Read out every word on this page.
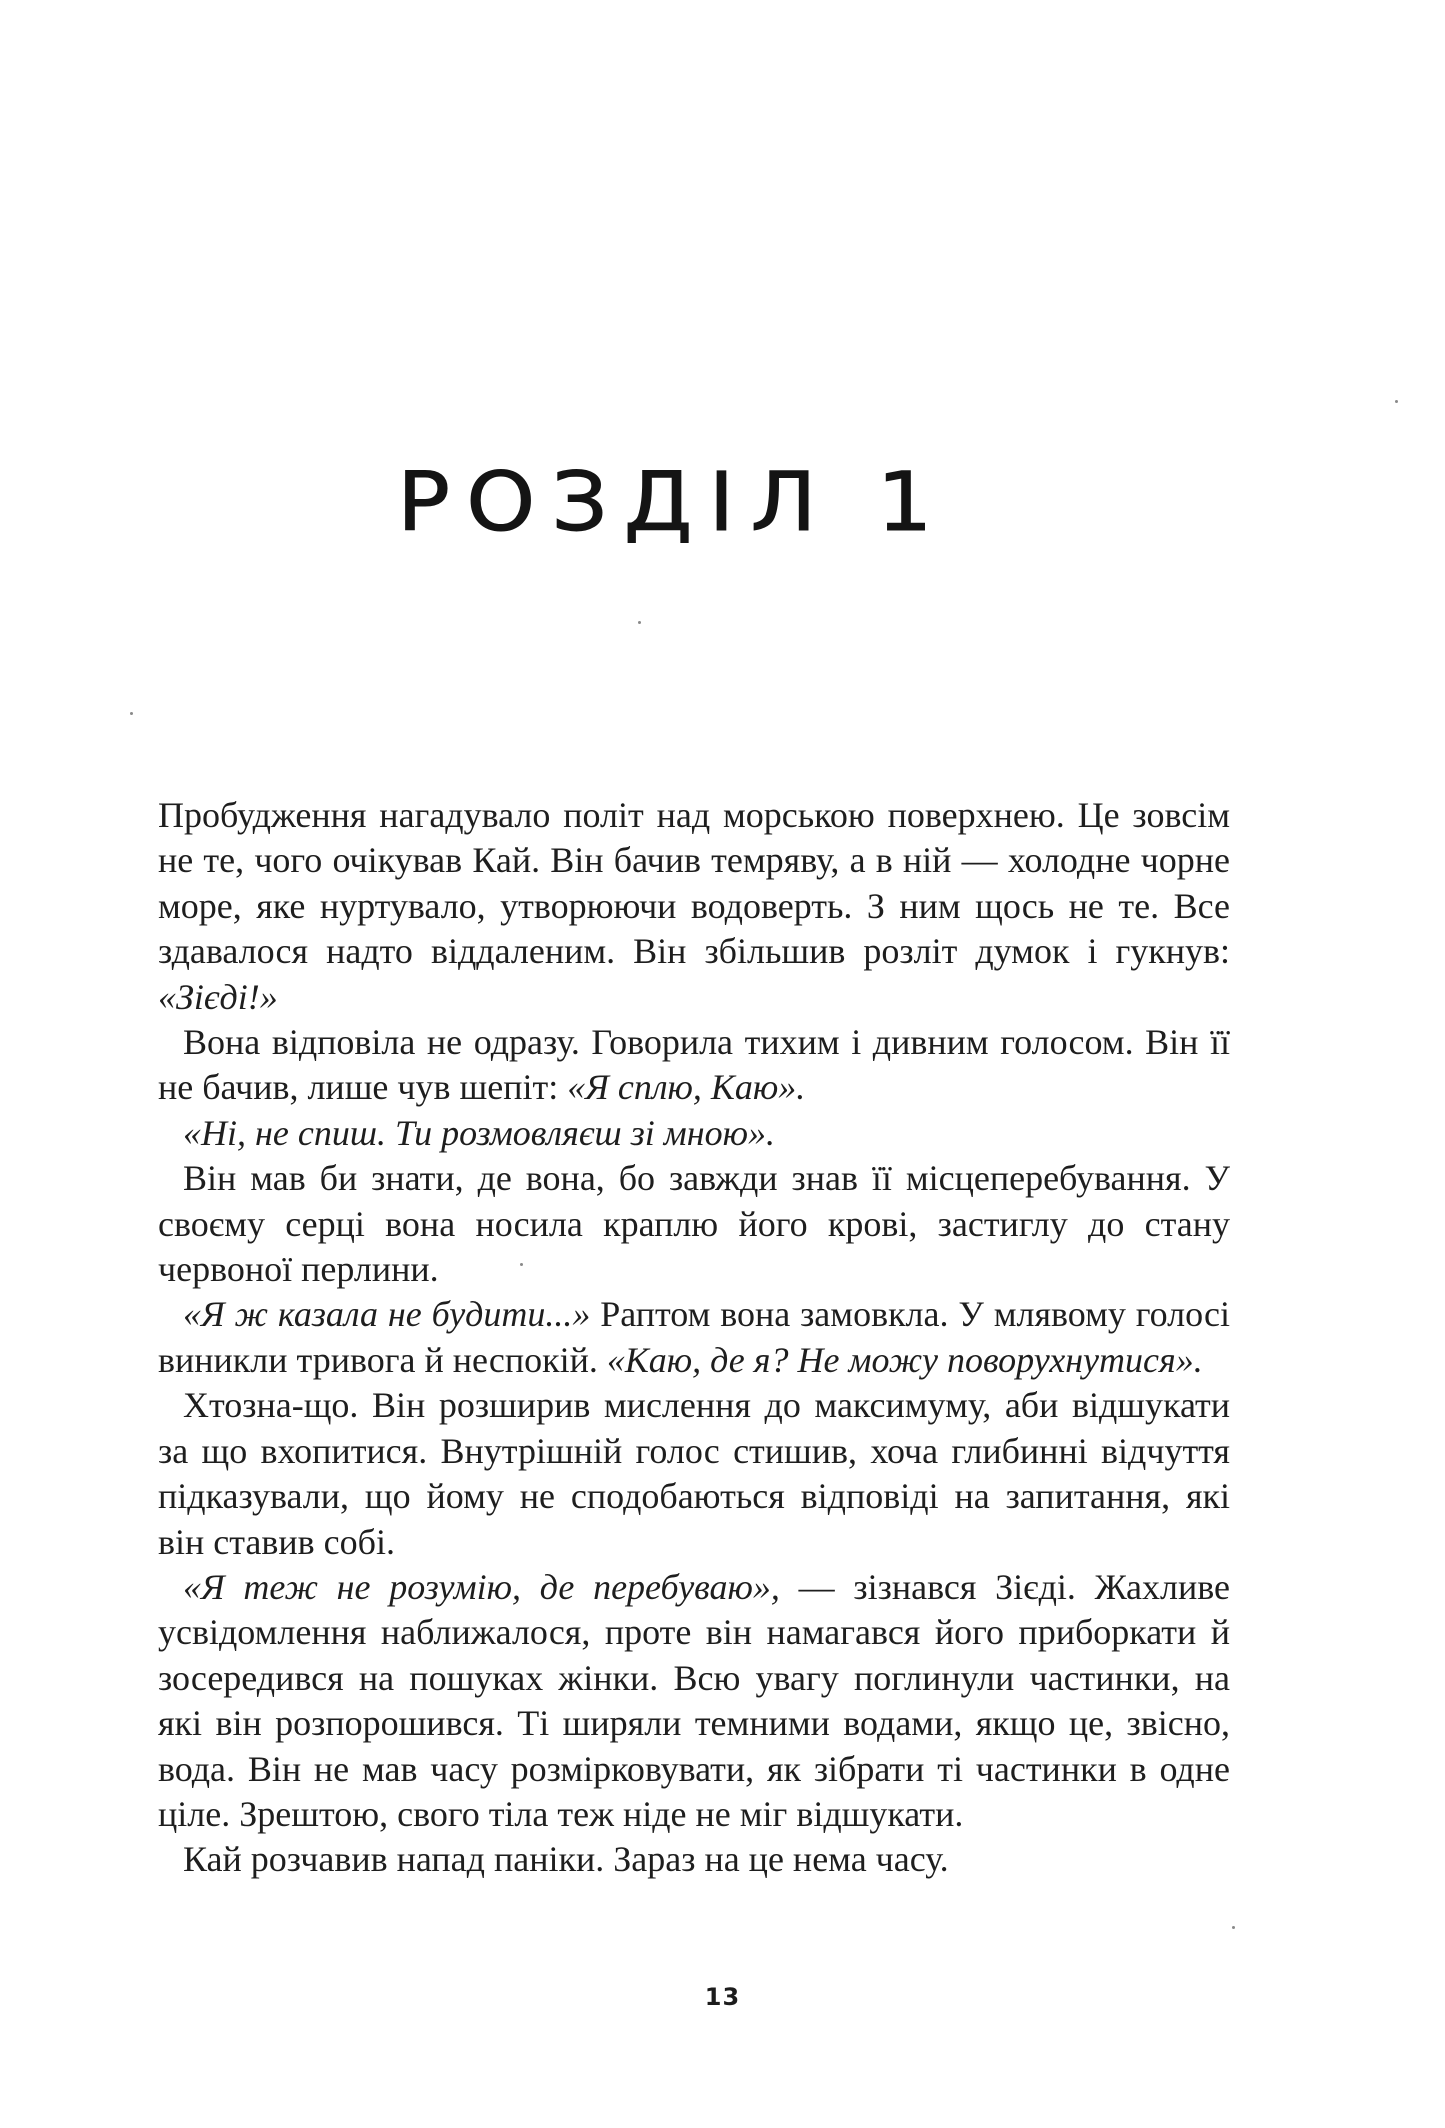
РОЗДІЛ 1

Пробудження нагадувало політ над морською поверхнею. Це зовсім не те, чого очікував Кай. Він бачив темряву, а в ній — холодне чорне море, яке нуртувало, утворюючи водоверть. З ним щось не те. Все здавалося надто віддаленим. Він збільшив розліт думок і гукнув: «Зієді!»

Вона відповіла не одразу. Говорила тихим і дивним голосом. Він її не бачив, лише чув шепіт: «Я сплю, Каю».

«Ні, не спиш. Ти розмовляєш зі мною».

Він мав би знати, де вона, бо завжди знав її місцеперебування. У своєму серці вона носила краплю його крові, застиглу до стану червоної перлини.

«Я ж казала не будити...» Раптом вона замовкла. У млявому голосі виникли тривога й неспокій. «Каю, де я? Не можу поворухнутися».

Хтозна-що. Він розширив мислення до максимуму, аби відшукати за що вхопитися. Внутрішній голос стишив, хоча глибинні відчуття підказували, що йому не сподобаються відповіді на запитання, які він ставив собі.

«Я теж не розумію, де перебуваю», — зізнався Зієді. Жахливе усвідомлення наближалося, проте він намагався його приборкати й зосередився на пошуках жінки. Всю увагу поглинули частинки, на які він розпорошився. Ті ширяли темними водами, якщо це, звісно, вода. Він не мав часу розмірковувати, як зібрати ті частинки в одне ціле. Зрештою, свого тіла теж ніде не міг відшукати.

Кай розчавив напад паніки. Зараз на це нема часу.

13
